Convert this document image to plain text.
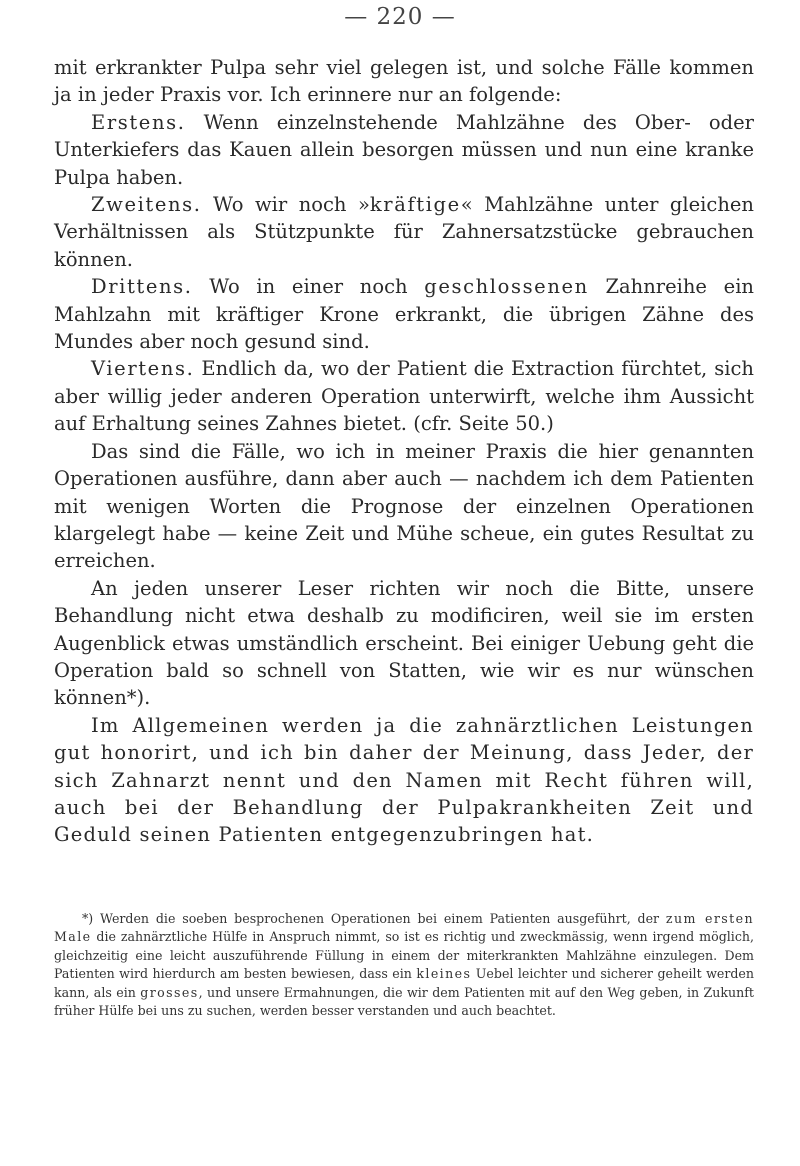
— 220 —

mit erkrankter Pulpa sehr viel gelegen ist, und solche Fälle kommen ja in jeder Praxis vor. Ich erinnere nur an folgende:

Erstens. Wenn einzelnstehende Mahlzähne des Ober- oder Unterkiefers das Kauen allein besorgen müssen und nun eine kranke Pulpa haben.

Zweitens. Wo wir noch »kräftige« Mahlzähne unter gleichen Verhältnissen als Stützpunkte für Zahnersatzstücke gebrauchen können.

Drittens. Wo in einer noch geschlossenen Zahnreihe ein Mahlzahn mit kräftiger Krone erkrankt, die übrigen Zähne des Mundes aber noch gesund sind.

Viertens. Endlich da, wo der Patient die Extraction fürchtet, sich aber willig jeder anderen Operation unterwirft, welche ihm Aussicht auf Erhaltung seines Zahnes bietet. (cfr. Seite 50.)

Das sind die Fälle, wo ich in meiner Praxis die hier genannten Operationen ausführe, dann aber auch — nachdem ich dem Patienten mit wenigen Worten die Prognose der einzelnen Operationen klargelegt habe — keine Zeit und Mühe scheue, ein gutes Resultat zu erreichen.

An jeden unserer Leser richten wir noch die Bitte, unsere Behandlung nicht etwa deshalb zu modificiren, weil sie im ersten Augenblick etwas umständlich erscheint. Bei einiger Uebung geht die Operation bald so schnell von Statten, wie wir es nur wünschen können*).

Im Allgemeinen werden ja die zahnärztlichen Leistungen gut honorirt, und ich bin daher der Meinung, dass Jeder, der sich Zahnarzt nennt und den Namen mit Recht führen will, auch bei der Behandlung der Pulpakrankheiten Zeit und Geduld seinen Patienten entgegenzubringen hat.

*) Werden die soeben besprochenen Operationen bei einem Patienten ausgeführt, der zum ersten Male die zahnärztliche Hülfe in Anspruch nimmt, so ist es richtig und zweckmässig, wenn irgend möglich, gleichzeitig eine leicht auszuführende Füllung in einem der miterkrankten Mahlzähne einzulegen. Dem Patienten wird hierdurch am besten bewiesen, dass ein kleines Uebel leichter und sicherer geheilt werden kann, als ein grosses, und unsere Ermahnungen, die wir dem Patienten mit auf den Weg geben, in Zukunft früher Hülfe bei uns zu suchen, werden besser verstanden und auch beachtet.
